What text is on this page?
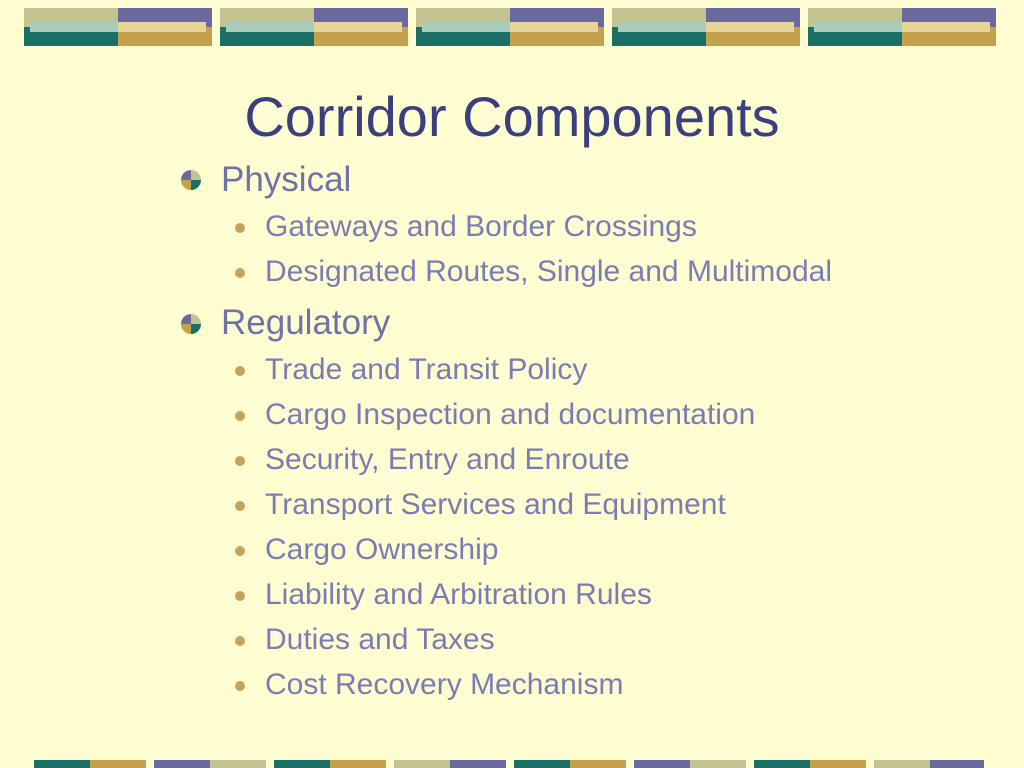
Corridor Components
Physical
Gateways and Border Crossings
Designated Routes, Single and Multimodal
Regulatory
Trade and Transit Policy
Cargo Inspection and documentation
Security, Entry and Enroute
Transport Services and Equipment
Cargo Ownership
Liability and Arbitration Rules
Duties and Taxes
Cost Recovery Mechanism
